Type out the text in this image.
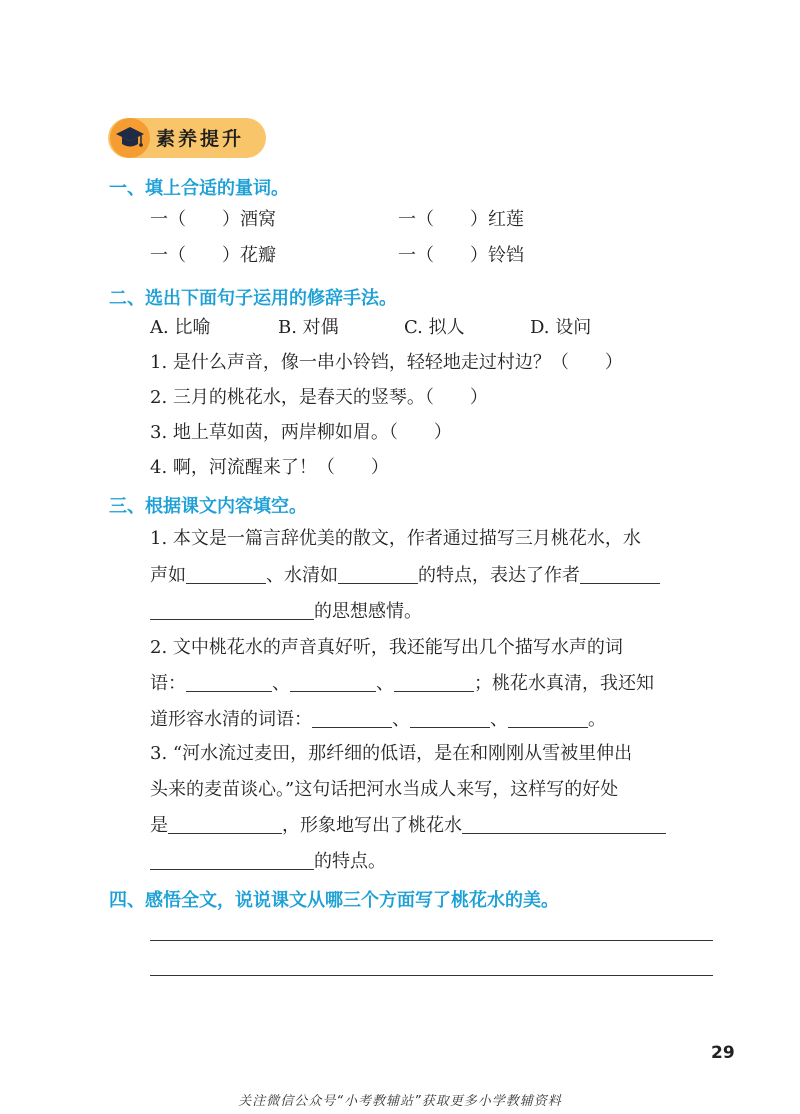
素养提升
一、填上合适的量词。
一（　　）酒窝	一（　　）红莲
一（　　）花瓣	一（　　）铃铛
二、选出下面句子运用的修辞手法。
A. 比喻	B. 对偶	C. 拟人	D. 设问
1. 是什么声音，像一串小铃铛，轻轻地走过村边？（　　）
2. 三月的桃花水，是春天的竖琴。（　　）
3. 地上草如茵，两岸柳如眉。（　　）
4. 啊，河流醒来了！（　　）
三、根据课文内容填空。
1. 本文是一篇言辞优美的散文，作者通过描写三月桃花水，水
声如	、水清如	的特点，表达了作者
的思想感情。
2. 文中桃花水的声音真好听，我还能写出几个描写水声的词
语：	、	、	；桃花水真清，我还知
道形容水清的词语：	、	、	。
3. “河水流过麦田，那纤细的低语，是在和刚刚从雪被里伸出
头来的麦苗谈心。”这句话把河水当成人来写，这样写的好处
是	，形象地写出了桃花水
的特点。
四、感悟全文，说说课文从哪三个方面写了桃花水的美。
29
关注微信公众号“小考教辅站”获取更多小学教辅资料
